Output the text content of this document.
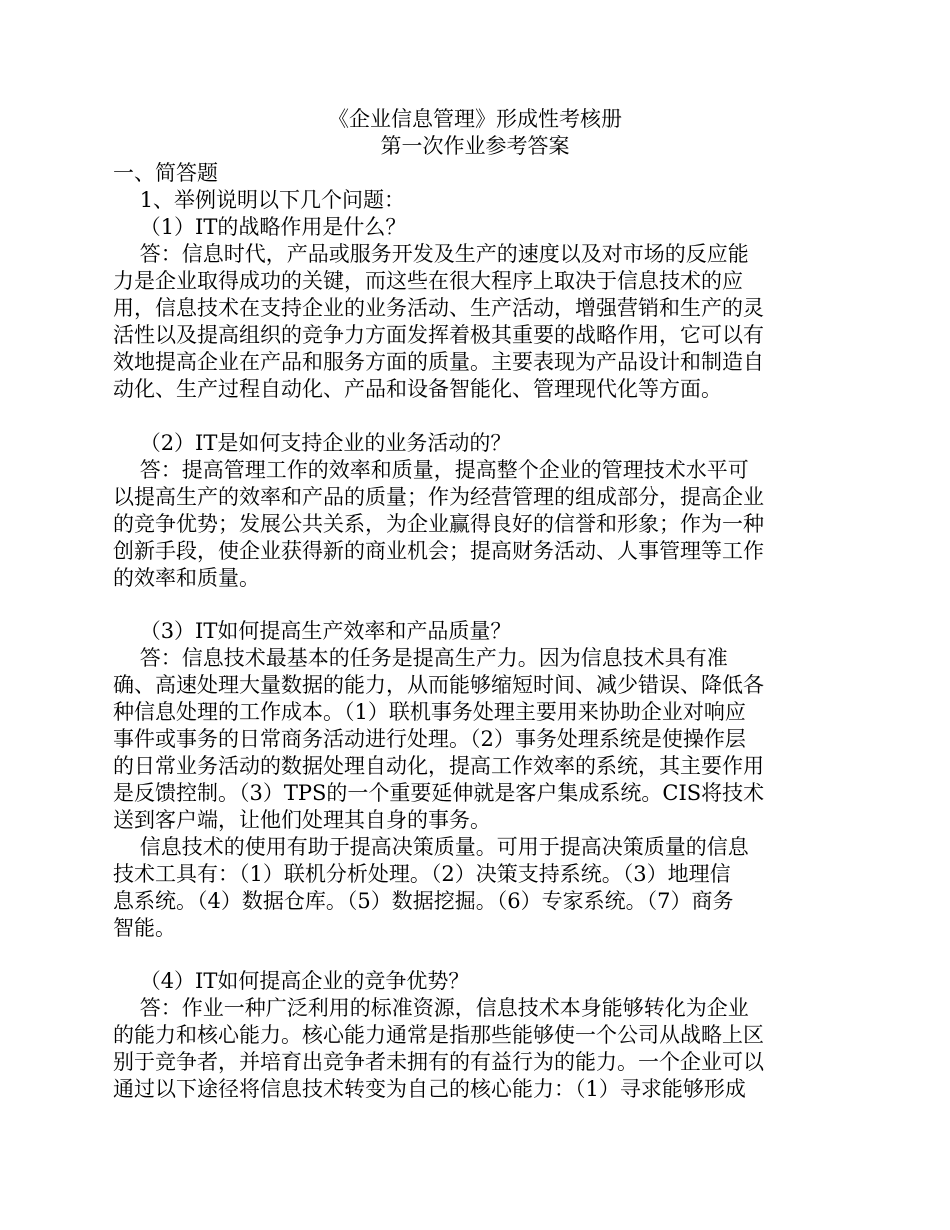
《企业信息管理》形成性考核册
第一次作业参考答案
一、简答题
1、举例说明以下几个问题：
（1）IT的战略作用是什么？
答：信息时代，产品或服务开发及生产的速度以及对市场的反应能
力是企业取得成功的关键，而这些在很大程序上取决于信息技术的应
用，信息技术在支持企业的业务活动、生产活动，增强营销和生产的灵
活性以及提高组织的竞争力方面发挥着极其重要的战略作用，它可以有
效地提高企业在产品和服务方面的质量。主要表现为产品设计和制造自
动化、生产过程自动化、产品和设备智能化、管理现代化等方面。
（2）IT是如何支持企业的业务活动的？
答：提高管理工作的效率和质量，提高整个企业的管理技术水平可
以提高生产的效率和产品的质量；作为经营管理的组成部分，提高企业
的竞争优势；发展公共关系，为企业赢得良好的信誉和形象；作为一种
创新手段，使企业获得新的商业机会；提高财务活动、人事管理等工作
的效率和质量。
（3）IT如何提高生产效率和产品质量？
答：信息技术最基本的任务是提高生产力。因为信息技术具有准
确、高速处理大量数据的能力，从而能够缩短时间、减少错误、降低各
种信息处理的工作成本。（1）联机事务处理主要用来协助企业对响应
事件或事务的日常商务活动进行处理。（2）事务处理系统是使操作层
的日常业务活动的数据处理自动化，提高工作效率的系统，其主要作用
是反馈控制。（3）TPS的一个重要延伸就是客户集成系统。CIS将技术
送到客户端，让他们处理其自身的事务。
信息技术的使用有助于提高决策质量。可用于提高决策质量的信息
技术工具有：（1）联机分析处理。（2）决策支持系统。（3）地理信
息系统。（4）数据仓库。（5）数据挖掘。（6）专家系统。（7）商务
智能。
（4）IT如何提高企业的竞争优势？
答：作业一种广泛利用的标准资源，信息技术本身能够转化为企业
的能力和核心能力。核心能力通常是指那些能够使一个公司从战略上区
别于竞争者，并培育出竞争者未拥有的有益行为的能力。一个企业可以
通过以下途径将信息技术转变为自己的核心能力：（1）寻求能够形成
